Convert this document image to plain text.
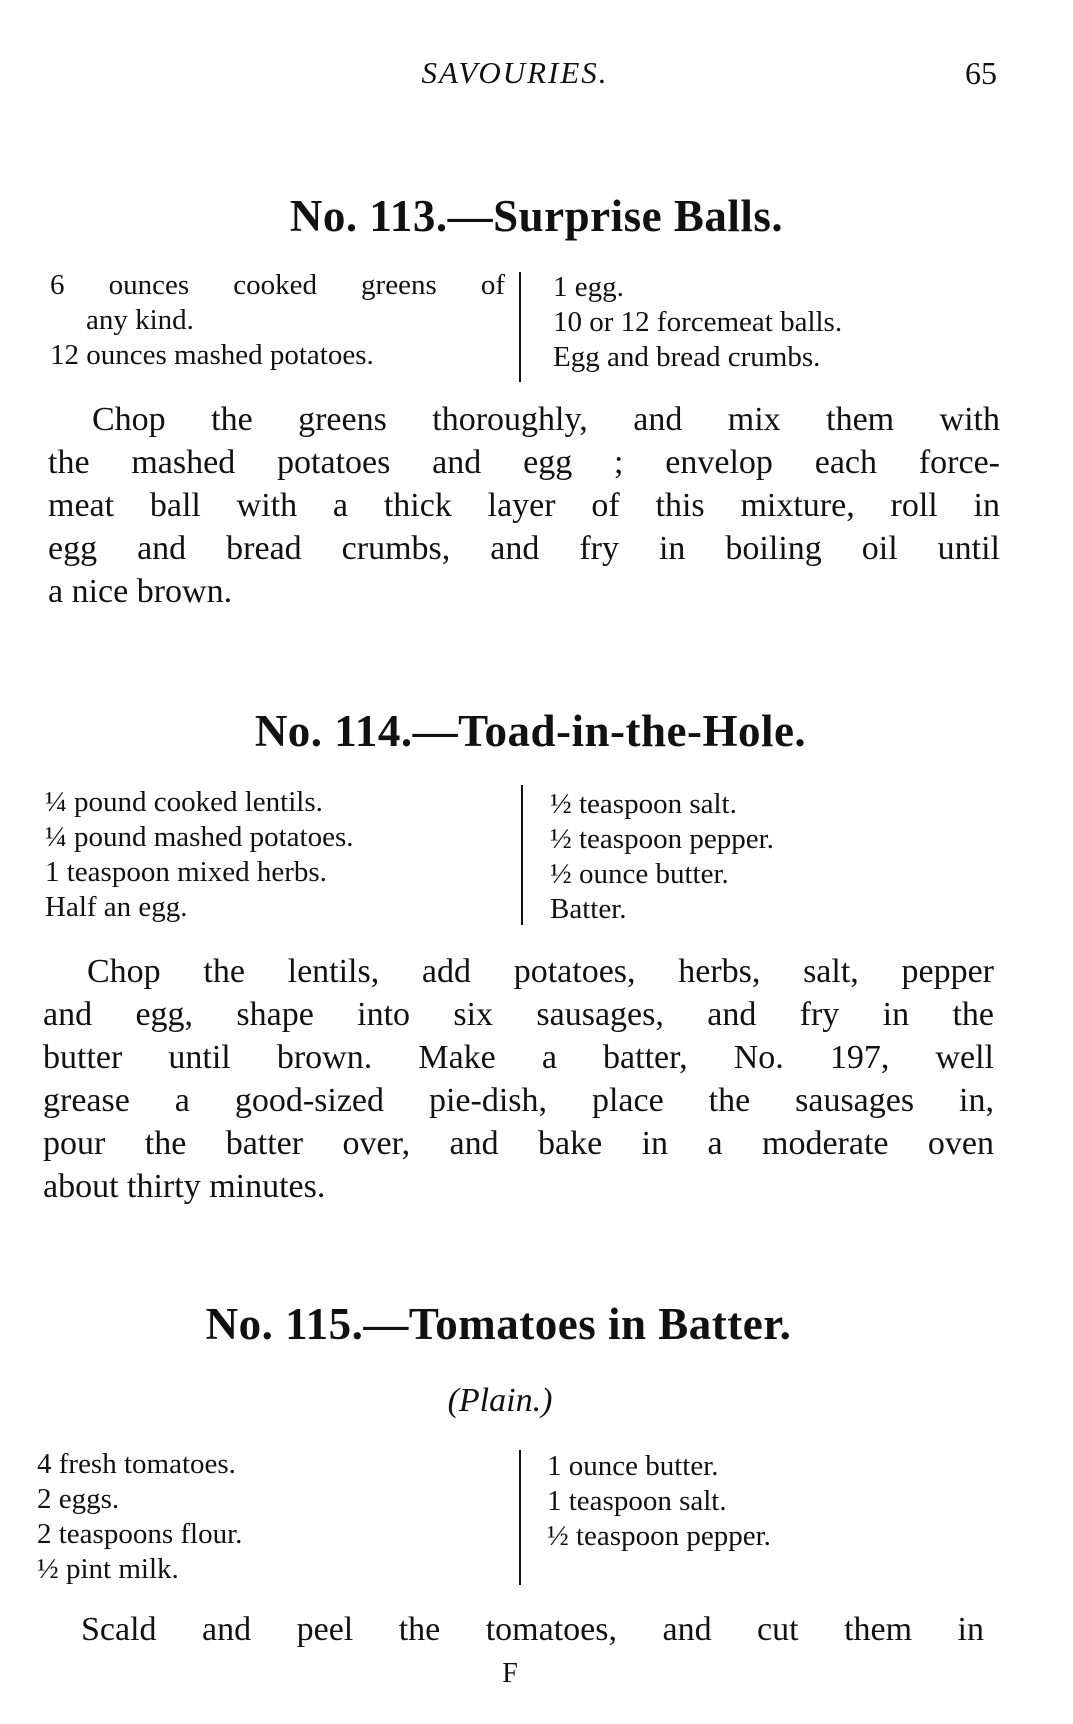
SAVOURIES.	65
No. 113.—Surprise Balls.
6 ounces cooked greens of
any kind.
12 ounces mashed potatoes.
1 egg.
10 or 12 forcemeat balls.
Egg and bread crumbs.
Chop the greens thoroughly, and mix them with
the mashed potatoes and egg ; envelop each force-
meat ball with a thick layer of this mixture, roll in
egg and bread crumbs, and fry in boiling oil until
a nice brown.
No. 114.—Toad-in-the-Hole.
¼ pound cooked lentils.
¼ pound mashed potatoes.
1 teaspoon mixed herbs.
Half an egg.
½ teaspoon salt.
½ teaspoon pepper.
½ ounce butter.
Batter.
Chop the lentils, add potatoes, herbs, salt, pepper
and egg, shape into six sausages, and fry in the
butter until brown. Make a batter, No. 197, well
grease a good-sized pie-dish, place the sausages in,
pour the batter over, and bake in a moderate oven
about thirty minutes.
No. 115.—Tomatoes in Batter.
(Plain.)
4 fresh tomatoes.
2 eggs.
2 teaspoons flour.
½ pint milk.
1 ounce butter.
1 teaspoon salt.
½ teaspoon pepper.
Scald and peel the tomatoes, and cut them in
F
